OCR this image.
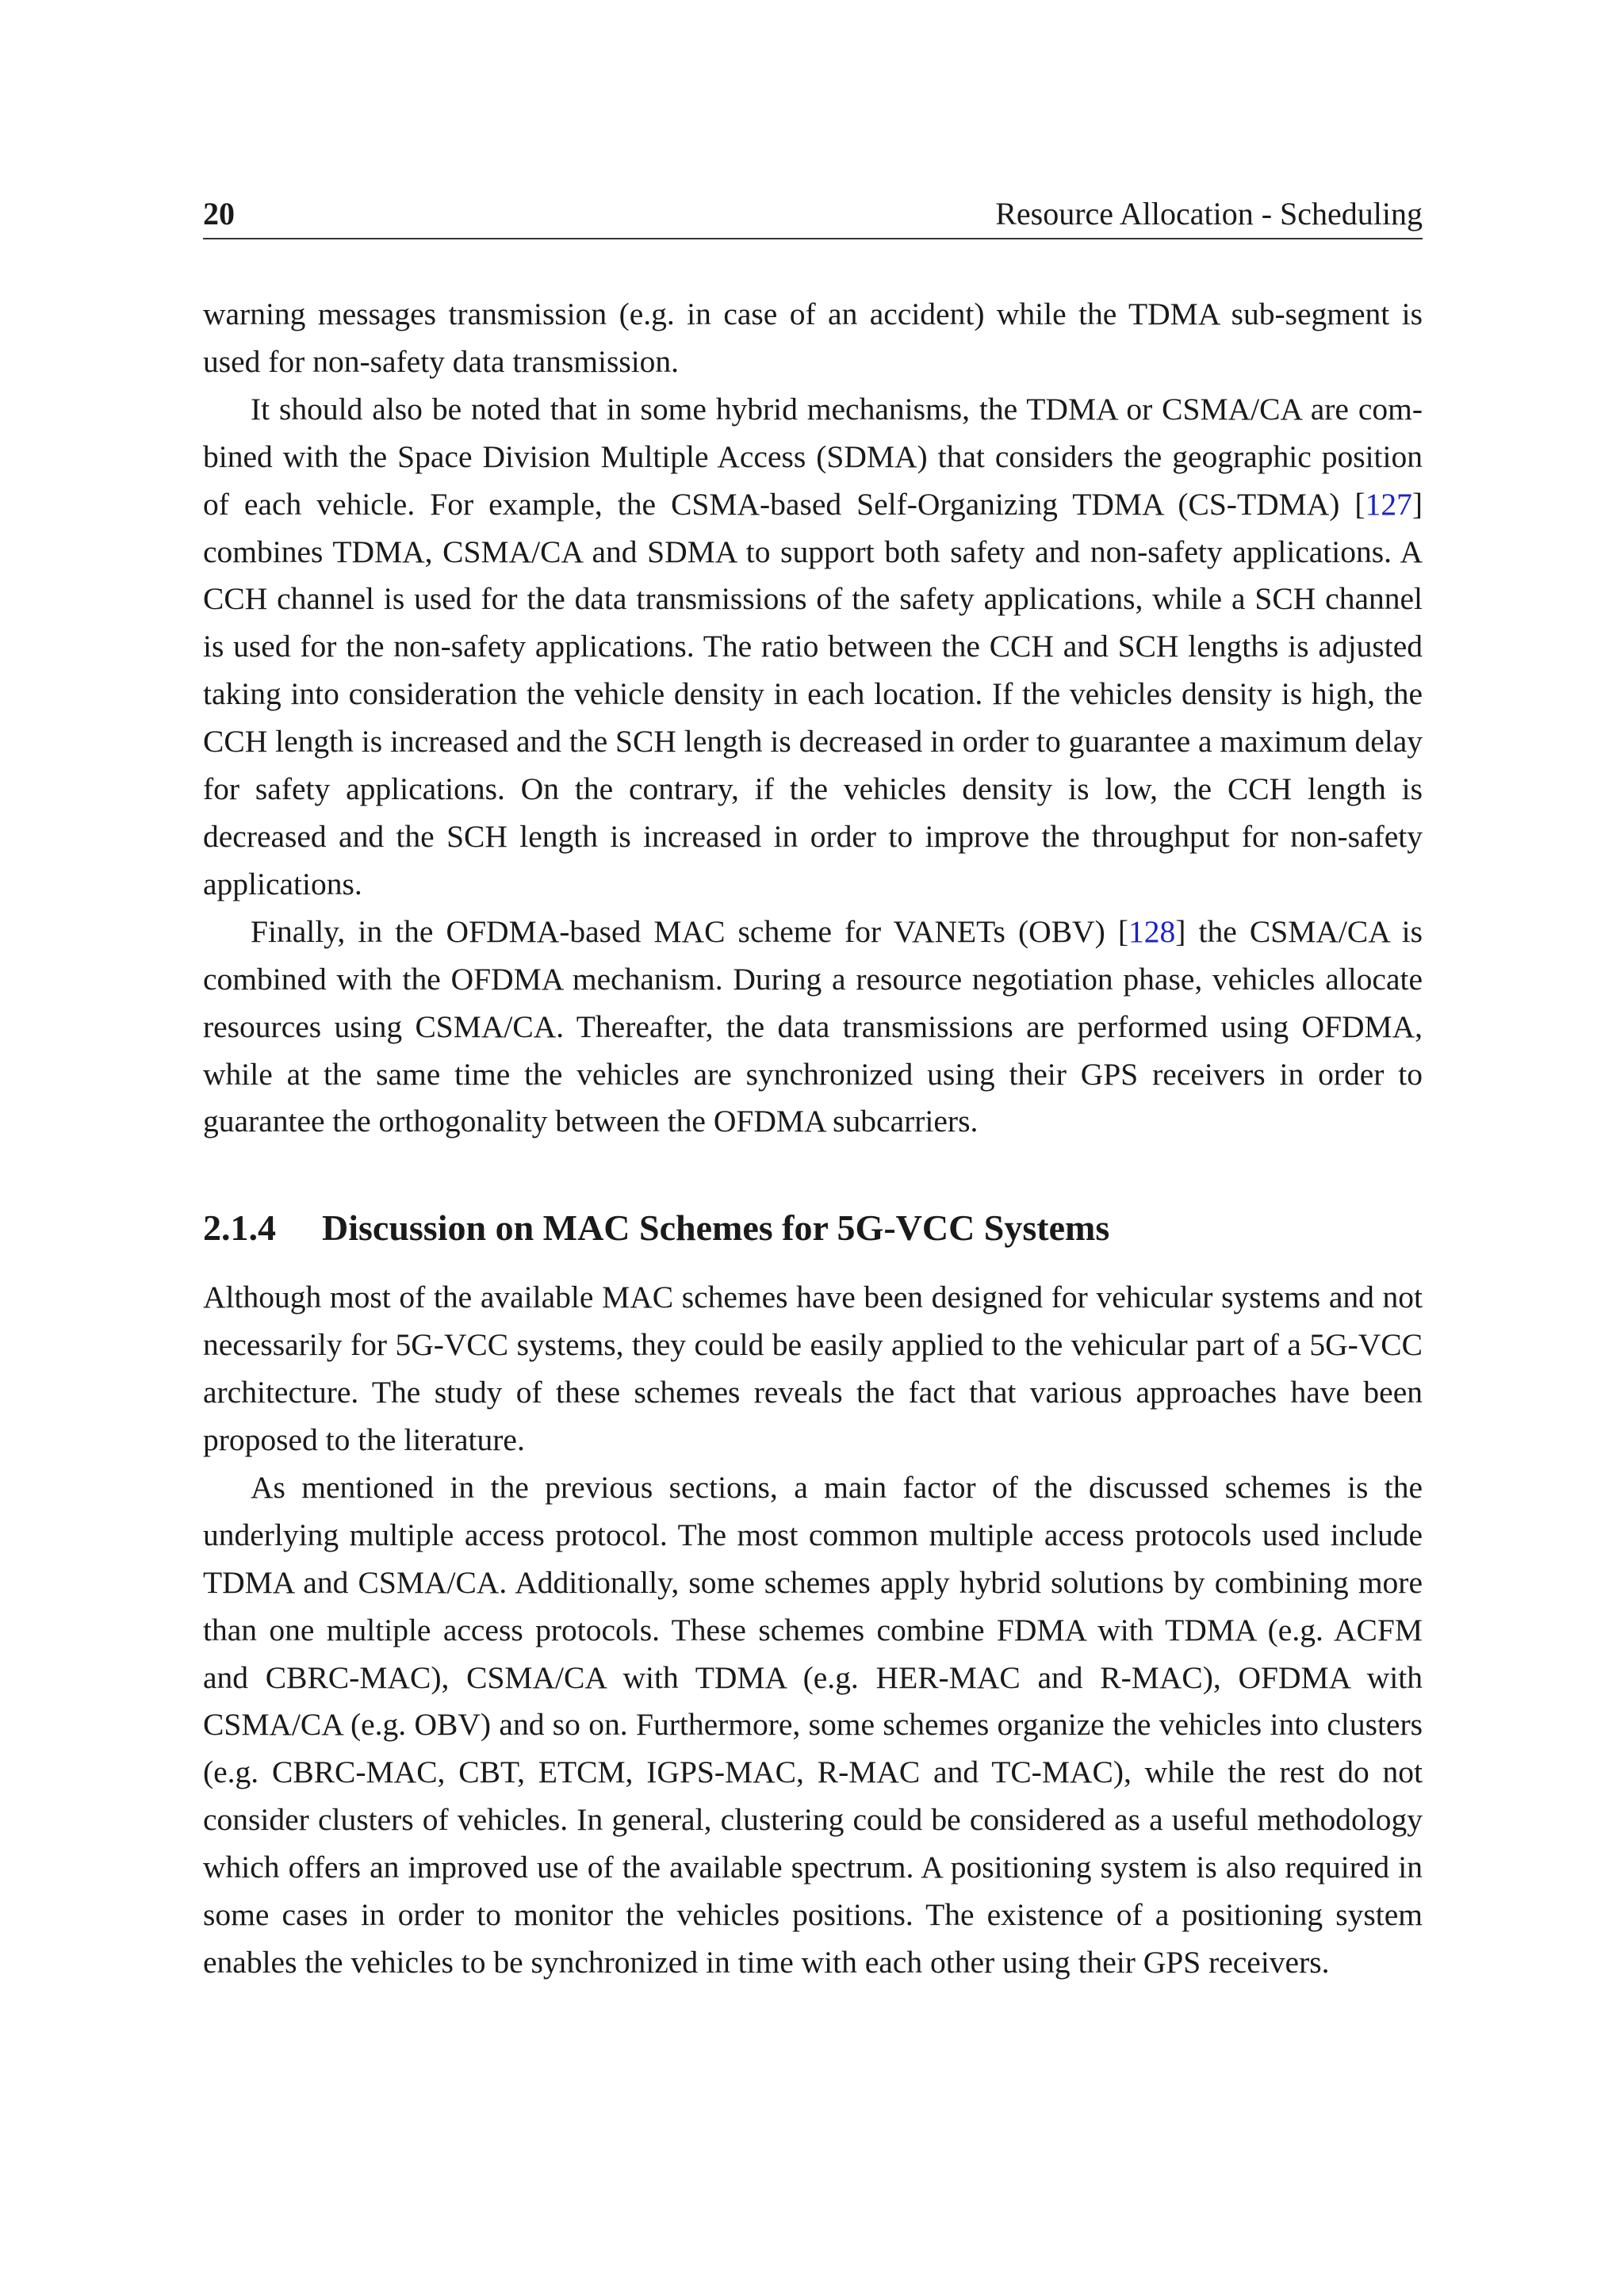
20	Resource Allocation - Scheduling

warning messages transmission (e.g. in case of an accident) while the TDMA sub-segment is used for non-safety data transmission.

It should also be noted that in some hybrid mechanisms, the TDMA or CSMA/CA are combined with the Space Division Multiple Access (SDMA) that considers the geographic position of each vehicle. For example, the CSMA-based Self-Organizing TDMA (CS-TDMA) [127] combines TDMA, CSMA/CA and SDMA to support both safety and non-safety applications. A CCH channel is used for the data transmissions of the safety applications, while a SCH channel is used for the non-safety applications. The ratio between the CCH and SCH lengths is adjusted taking into consideration the vehicle density in each location. If the vehicles density is high, the CCH length is increased and the SCH length is decreased in order to guarantee a maximum delay for safety applications. On the contrary, if the vehicles density is low, the CCH length is decreased and the SCH length is increased in order to improve the throughput for non-safety applications.

Finally, in the OFDMA-based MAC scheme for VANETs (OBV) [128] the CSMA/CA is combined with the OFDMA mechanism. During a resource negotiation phase, vehicles allocate resources using CSMA/CA. Thereafter, the data transmissions are performed using OFDMA, while at the same time the vehicles are synchronized using their GPS receivers in order to guarantee the orthogonality between the OFDMA subcarriers.

2.1.4 Discussion on MAC Schemes for 5G-VCC Systems

Although most of the available MAC schemes have been designed for vehicular systems and not necessarily for 5G-VCC systems, they could be easily applied to the vehicular part of a 5G-VCC architecture. The study of these schemes reveals the fact that various approaches have been proposed to the literature.

As mentioned in the previous sections, a main factor of the discussed schemes is the underlying multiple access protocol. The most common multiple access protocols used include TDMA and CSMA/CA. Additionally, some schemes apply hybrid solutions by combining more than one multiple access protocols. These schemes combine FDMA with TDMA (e.g. ACFM and CBRC-MAC), CSMA/CA with TDMA (e.g. HER-MAC and R-MAC), OFDMA with CSMA/CA (e.g. OBV) and so on. Furthermore, some schemes organize the vehicles into clusters (e.g. CBRC-MAC, CBT, ETCM, IGPS-MAC, R-MAC and TC-MAC), while the rest do not consider clusters of vehicles. In general, clustering could be considered as a useful methodology which offers an improved use of the available spectrum. A positioning system is also required in some cases in order to monitor the vehicles positions. The existence of a positioning system enables the vehicles to be synchronized in time with each other using their GPS receivers.
